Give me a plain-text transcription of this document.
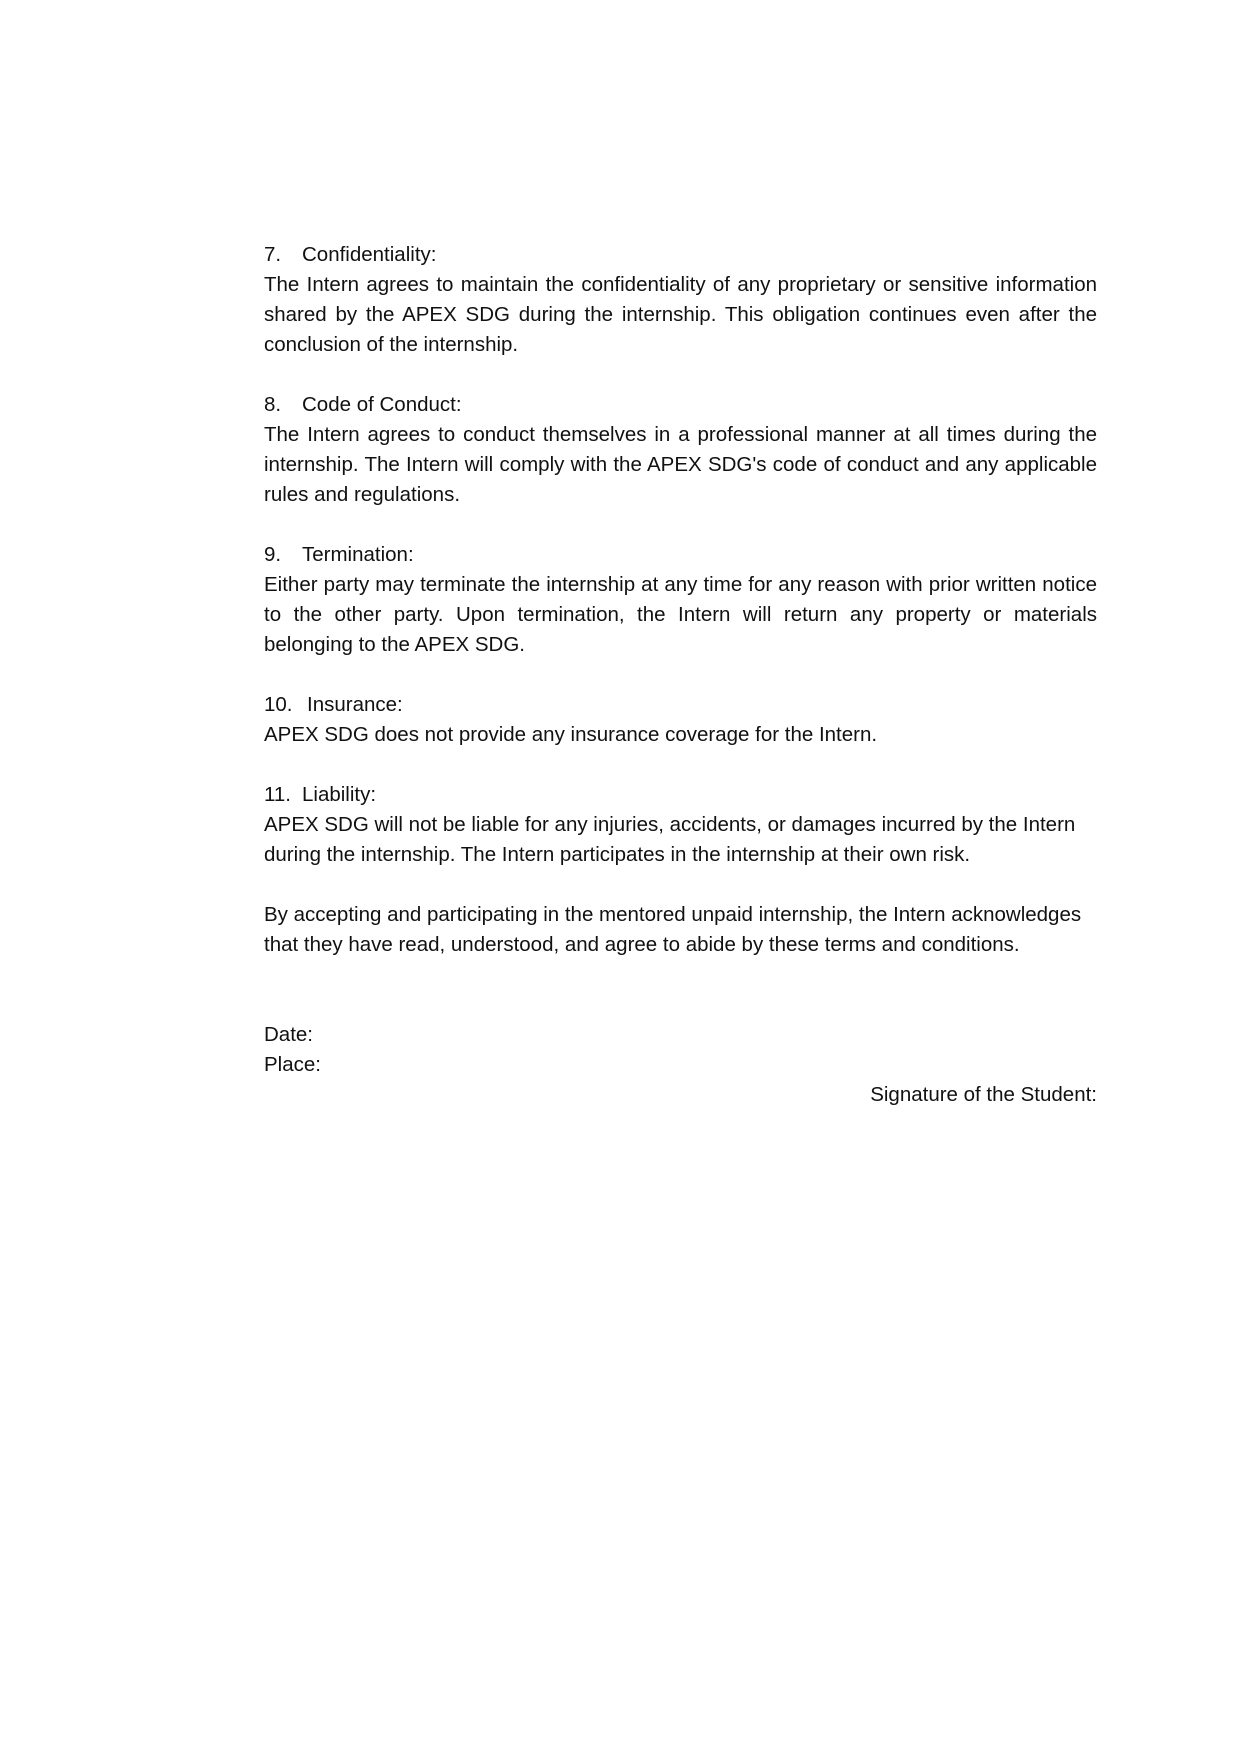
7.	Confidentiality:

The Intern agrees to maintain the confidentiality of any proprietary or sensitive information shared by the APEX SDG during the internship. This obligation continues even after the conclusion of the internship.

8.	Code of Conduct:

The Intern agrees to conduct themselves in a professional manner at all times during the internship. The Intern will comply with the APEX SDG's code of conduct and any applicable rules and regulations.

9.	Termination:

Either party may terminate the internship at any time for any reason with prior written notice to the other party. Upon termination, the Intern will return any property or materials belonging to the APEX SDG.

10. Insurance:

APEX SDG does not provide any insurance coverage for the Intern.

11. Liability:

APEX SDG will not be liable for any injuries, accidents, or damages incurred by the Intern during the internship. The Intern participates in the internship at their own risk.

By accepting and participating in the mentored unpaid internship, the Intern acknowledges that they have read, understood, and agree to abide by these terms and conditions.

Date:
Place:
Signature of the Student:
